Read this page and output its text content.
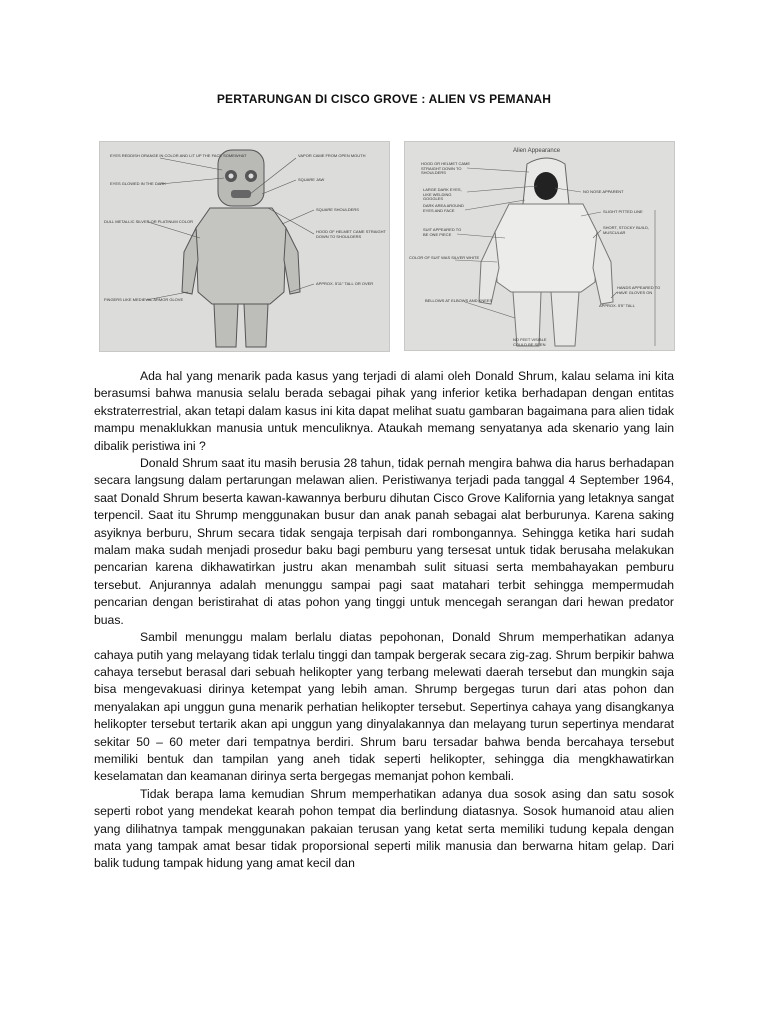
PERTARUNGAN DI CISCO GROVE : ALIEN VS PEMANAH
EYES REDDISH ORANGE IN COLOR AND LIT UP THE FACE SOMEWHAT
EYES GLOWED IN THE DARK
DULL METALLIC SILVER OR PLATINUM COLOR
FINGERS LIKE MEDIEVAL ARMOR GLOVE
VAPOR CAME FROM OPEN MOUTH
SQUARE JAW
SQUARE SHOULDERS
HOOD OF HELMET CAME STRAIGHT DOWN TO SHOULDERS
APPROX. 5'11" TALL OR OVER
Alien Appearance
HOOD OR HELMET CAME STRAIGHT DOWN TO SHOULDERS
LARGE DARK EYES, LIKE WELDING GOGGLES
DARK AREA AROUND EYES AND FACE
SUIT APPEARED TO BE ONE PIECE
COLOR OF SUIT WAS SILVER WHITE
NO NOSE APPARENT
SLIGHT PITTED LINE
SHORT, STOCKY BUILD, MUSCULAR
HANDS APPEARED TO HAVE GLOVES ON
APPROX. 5'5" TALL
BELLOWS AT ELBOWS AND KNEES
NO FEET VISIBLE COULD BE SEEN

Ada hal yang menarik pada kasus yang terjadi di alami oleh Donald Shrum, kalau selama ini kita berasumsi bahwa manusia selalu berada sebagai pihak yang inferior ketika berhadapan dengan entitas ekstraterrestrial, akan tetapi dalam kasus ini kita dapat melihat suatu gambaran bagaimana para alien tidak mampu menaklukkan manusia untuk menculiknya. Ataukah memang senyatanya ada skenario yang lain dibalik peristiwa ini ?

Donald Shrum saat itu masih berusia 28 tahun, tidak pernah mengira bahwa dia harus berhadapan secara langsung dalam pertarungan melawan alien. Peristiwanya terjadi pada tanggal 4 September 1964, saat Donald Shrum beserta kawan-kawannya berburu dihutan Cisco Grove Kalifornia yang letaknya sangat terpencil. Saat itu Shrump menggunakan busur dan anak panah sebagai alat berburunya. Karena saking asyiknya berburu, Shrum secara tidak sengaja terpisah dari rombongannya. Sehingga ketika hari sudah malam maka sudah menjadi prosedur baku bagi pemburu yang tersesat untuk tidak berusaha melakukan pencarian karena dikhawatirkan justru akan menambah sulit situasi serta membahayakan pemburu tersebut. Anjurannya adalah menunggu sampai pagi saat matahari terbit sehingga mempermudah pencarian dengan beristirahat di atas pohon yang tinggi untuk mencegah serangan dari hewan predator buas.

Sambil menunggu malam berlalu diatas pepohonan, Donald Shrum memperhatikan adanya cahaya putih yang melayang tidak terlalu tinggi dan tampak bergerak secara zig-zag. Shrum berpikir bahwa cahaya tersebut berasal dari sebuah helikopter yang terbang melewati daerah tersebut dan mungkin saja bisa mengevakuasi dirinya ketempat yang lebih aman. Shrump bergegas turun dari atas pohon dan menyalakan api unggun guna menarik perhatian helikopter tersebut. Sepertinya cahaya yang disangkanya helikopter tersebut tertarik akan api unggun yang dinyalakannya dan melayang turun sepertinya mendarat sekitar 50 – 60 meter dari tempatnya berdiri. Shrum baru tersadar bahwa benda bercahaya tersebut memiliki bentuk dan tampilan yang aneh tidak seperti helikopter, sehingga dia mengkhawatirkan keselamatan dan keamanan dirinya serta bergegas memanjat pohon kembali.

Tidak berapa lama kemudian Shrum memperhatikan adanya dua sosok asing dan satu sosok seperti robot yang mendekat kearah pohon tempat dia berlindung diatasnya. Sosok humanoid atau alien yang dilihatnya tampak menggunakan pakaian terusan yang ketat serta memiliki tudung kepala dengan mata yang tampak amat besar tidak proporsional seperti milik manusia dan berwarna hitam gelap. Dari balik tudung tampak hidung yang amat kecil dan
